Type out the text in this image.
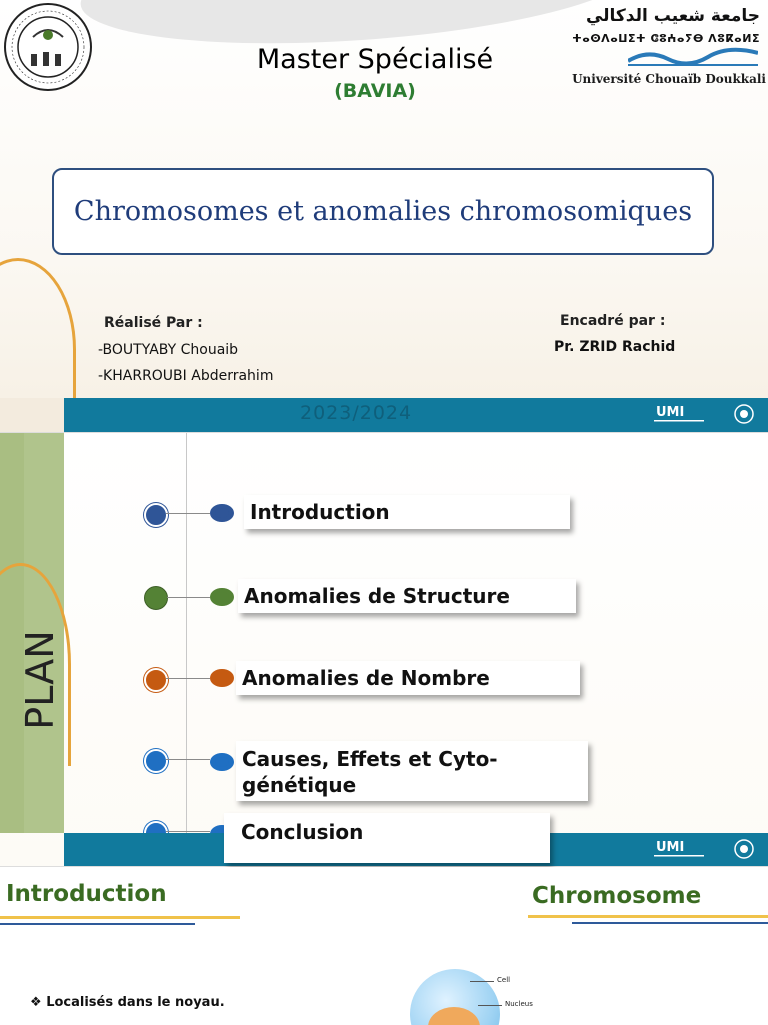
جامعة شعيب الدكالي
ⵜⴰⵙⴷⴰⵡⵉⵜ ⵛⵓⵄⴰⵢⴱ ⴷⵓⴽⴰⵍⵉ
Université Chouaïb Doukkali
Master Spécialisé
(BAVIA)
Chromosomes et anomalies chromosomiques
Réalisé Par :
-BOUTYABY Chouaib
-KHARROUBI Abderrahim
Encadré par :
Pr. ZRID Rachid
2023/2024	UMI
PLAN
Introduction
Anomalies de Structure
Anomalies de Nombre
Causes, Effets et Cyto-
génétique
Conclusion
UMI
Introduction	Chromosome
❖ Localisés dans le noyau.
Cell
Nucleus
